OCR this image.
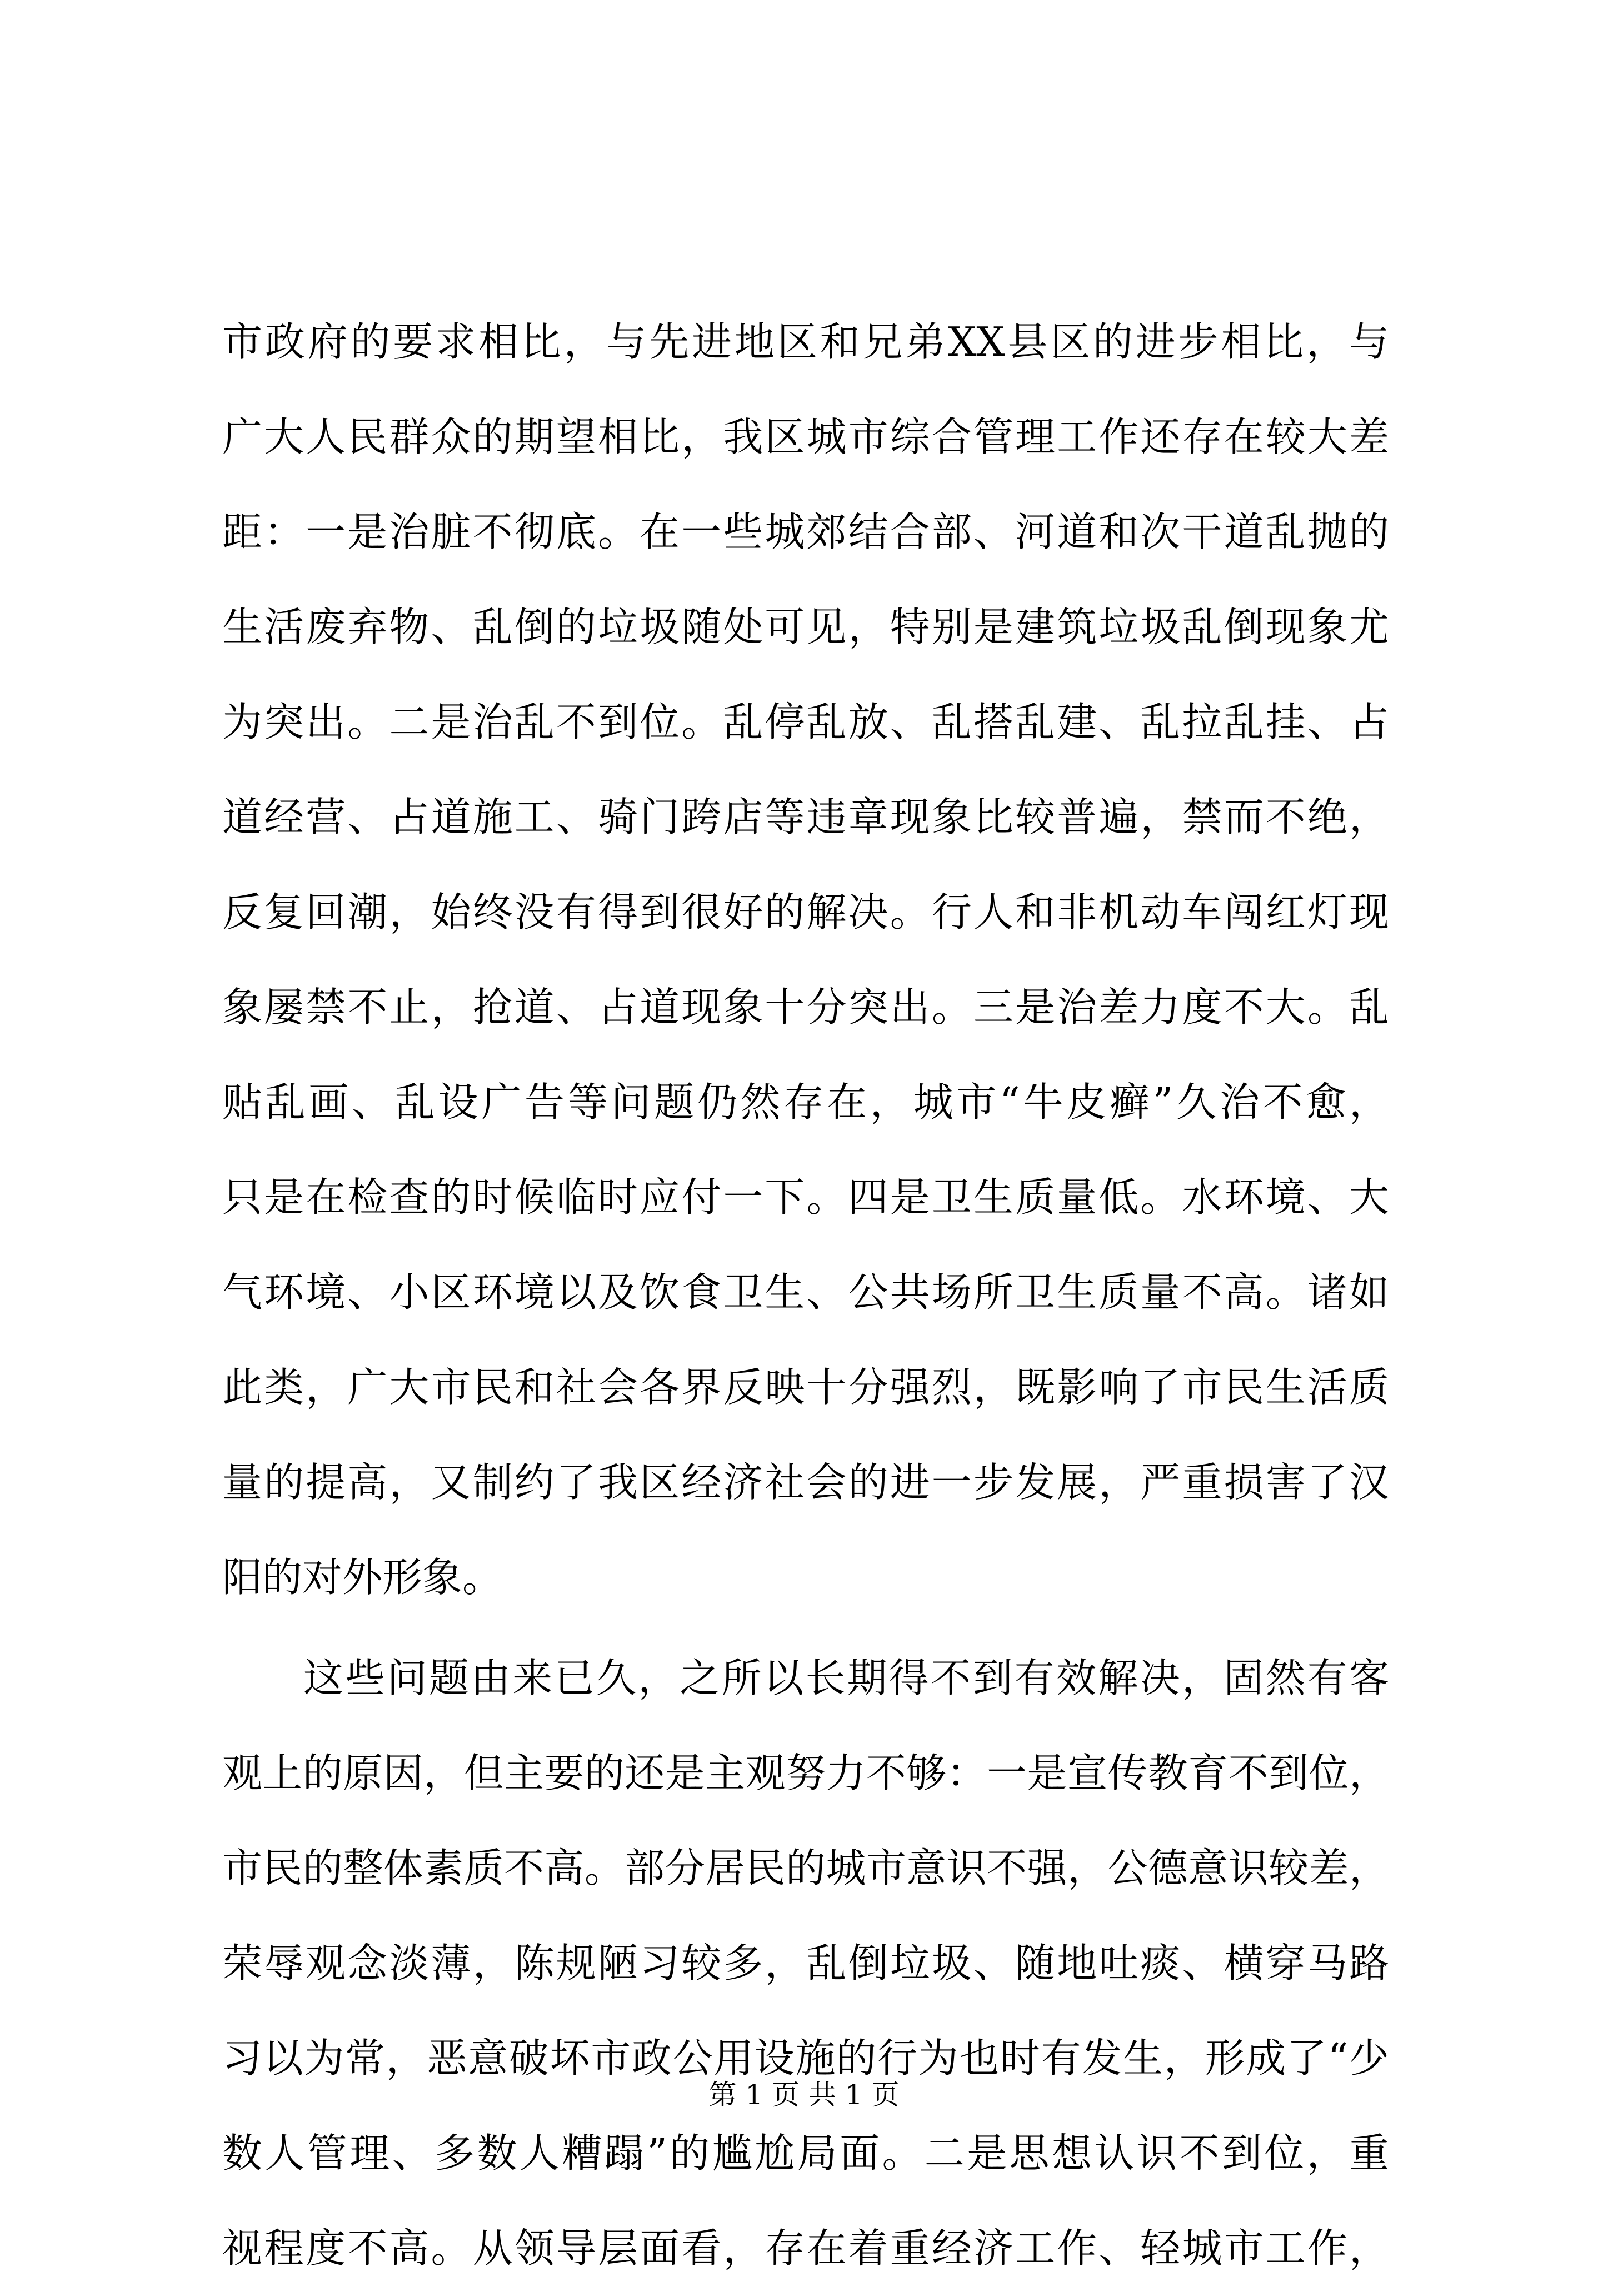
市政府的要求相比，与先进地区和兄弟XX县区的进步相比，与
广大人民群众的期望相比，我区城市综合管理工作还存在较大差
距：一是治脏不彻底。在一些城郊结合部、河道和次干道乱抛的
生活废弃物、乱倒的垃圾随处可见，特别是建筑垃圾乱倒现象尤
为突出。二是治乱不到位。乱停乱放、乱搭乱建、乱拉乱挂、占
道经营、占道施工、骑门跨店等违章现象比较普遍，禁而不绝，
反复回潮，始终没有得到很好的解决。行人和非机动车闯红灯现
象屡禁不止，抢道、占道现象十分突出。三是治差力度不大。乱
贴乱画、乱设广告等问题仍然存在，城市“牛皮癣”久治不愈，
只是在检查的时候临时应付一下。四是卫生质量低。水环境、大
气环境、小区环境以及饮食卫生、公共场所卫生质量不高。诸如
此类，广大市民和社会各界反映十分强烈，既影响了市民生活质
量的提高，又制约了我区经济社会的进一步发展，严重损害了汉
阳的对外形象。
这些问题由来已久，之所以长期得不到有效解决，固然有客
观上的原因，但主要的还是主观努力不够：一是宣传教育不到位，
市民的整体素质不高。部分居民的城市意识不强，公德意识较差，
荣辱观念淡薄，陈规陋习较多，乱倒垃圾、随地吐痰、横穿马路
习以为常，恶意破坏市政公用设施的行为也时有发生，形成了“少
数人管理、多数人糟蹋”的尴尬局面。二是思想认识不到位，重
视程度不高。从领导层面看，存在着重经济工作、轻城市工作，
第 1 页 共 1 页
